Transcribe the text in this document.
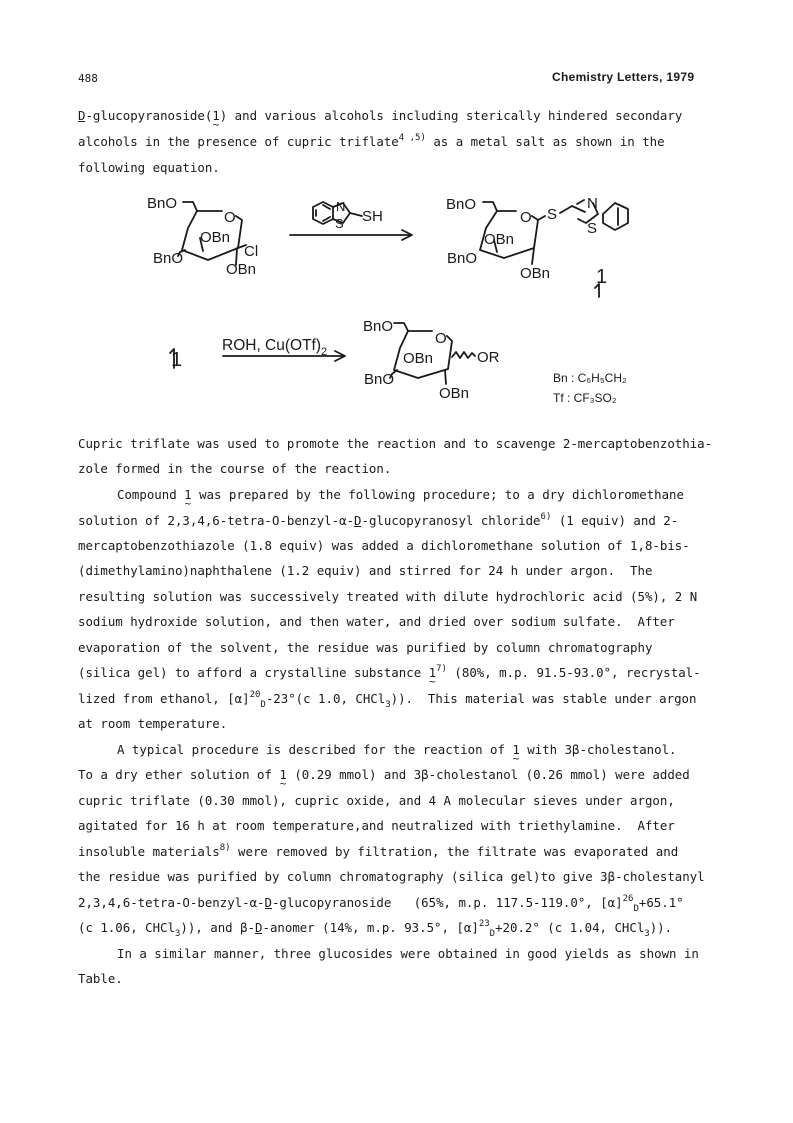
488	Chemistry Letters, 1979
D-glucopyranoside(1 ~) and various alcohols including sterically hindered secondary
alcohols in the presence of cupric triflate$^{4 ,5)}$ as a metal salt as shown in the
following equation.
BnO
O
OBn
Cl
BnO
OBn
N
S SH
BnO
O S
N
S
OBn
BnO
OBn
BnO
O
OBn	OR
BnO
OBn
1
1
ROH, $Cu(OTf)_2$
Bn : C₆H₅CH₂
Tf : CF₃SO₂
Cupric triflate was used to promote the reaction and to scavenge 2-mercaptobenzothia-
zole formed in the course of the reaction.
Compound 1 ~ was prepared by the following procedure; to a dry dichloromethane
solution of 2,3,4,6-tetra-O-benzyl-α-D-glucopyranosyl chloride$^{6)}$ (1 equiv) and 2-
mercaptobenzothiazole (1.8 equiv) was added a dichloromethane solution of 1,8-bis-
(dimethylamino)naphthalene (1.2 equiv) and stirred for 24 h under argon.  The
resulting solution was successively treated with dilute hydrochloric acid (5%), 2 N
sodium hydroxide solution, and then water, and dried over sodium sulfate.  After
evaporation of the solvent, the residue was purified by column chromatography
(silica gel) to afford a crystalline substance 1 ~$^{7)}$ (80%, m.p. 91.5-93.0°, recrystal-
lized from ethanol, $[\alpha]^{20}_D-23^\circ(c$ 1.0, CHCl$_3$)).  This material was stable under argon
at room temperature.
A typical procedure is described for the reaction of 1 ~ with 3β-cholestanol.
To a dry ether solution of 1 ~ (0.29 mmol) and 3β-cholestanol (0.26 mmol) were added
cupric triflate (0.30 mmol), cupric oxide, and 4 A molecular sieves under argon,
agitated for 16 h at room temperature,and neutralized with triethylamine.  After
insoluble materials$^{8)}$ were removed by filtration, the filtrate was evaporated and
the residue was purified by column chromatography (silica gel)to give 3β-cholestanyl
2,3,4,6-tetra-O-benzyl-α-D-glucopyranoside   (65%, m.p. 117.5-119.0°, $[\alpha]^{26}_D+65.1^\circ$
(c 1.06, CHCl$_3$)), and β-D-anomer (14%, m.p. 93.5°, $[\alpha]^{23}_D+20.2^\circ$ (c 1.04, CHCl$_3$)).
In a similar manner, three glucosides were obtained in good yields as shown in
Table.
